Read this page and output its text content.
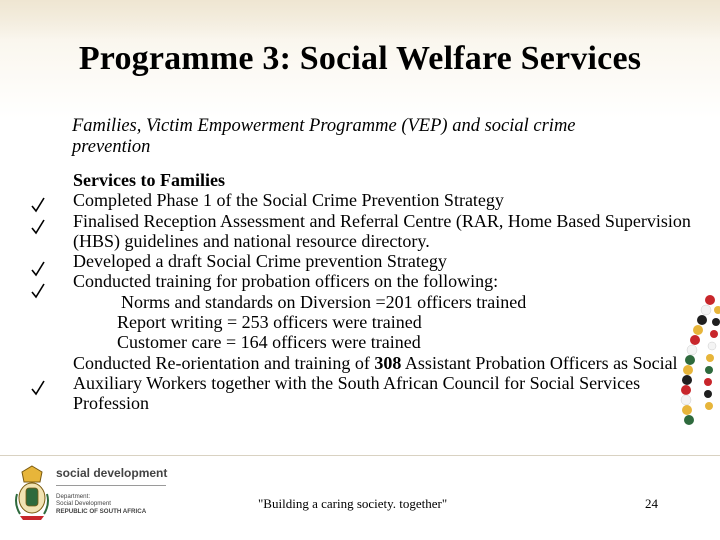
Programme 3: Social Welfare Services
Families, Victim Empowerment Programme (VEP) and social crime prevention

Services to Families

Completed Phase 1 of the Social Crime Prevention Strategy

Finalised Reception Assessment and Referral Centre (RAR, Home Based Supervision (HBS) guidelines and national resource directory.

Developed a draft Social Crime prevention Strategy

Conducted training for probation officers on the following:

Norms and standards on Diversion =201 officers trained

Report writing = 253 officers were trained

Customer care = 164 officers were trained

Conducted Re-orientation and training of 308 Assistant Probation Officers as Social Auxiliary Workers together with the South African Council for Social Services Profession

social development
Department:
Social Development
REPUBLIC OF SOUTH AFRICA
"Building a caring society. together"	24
